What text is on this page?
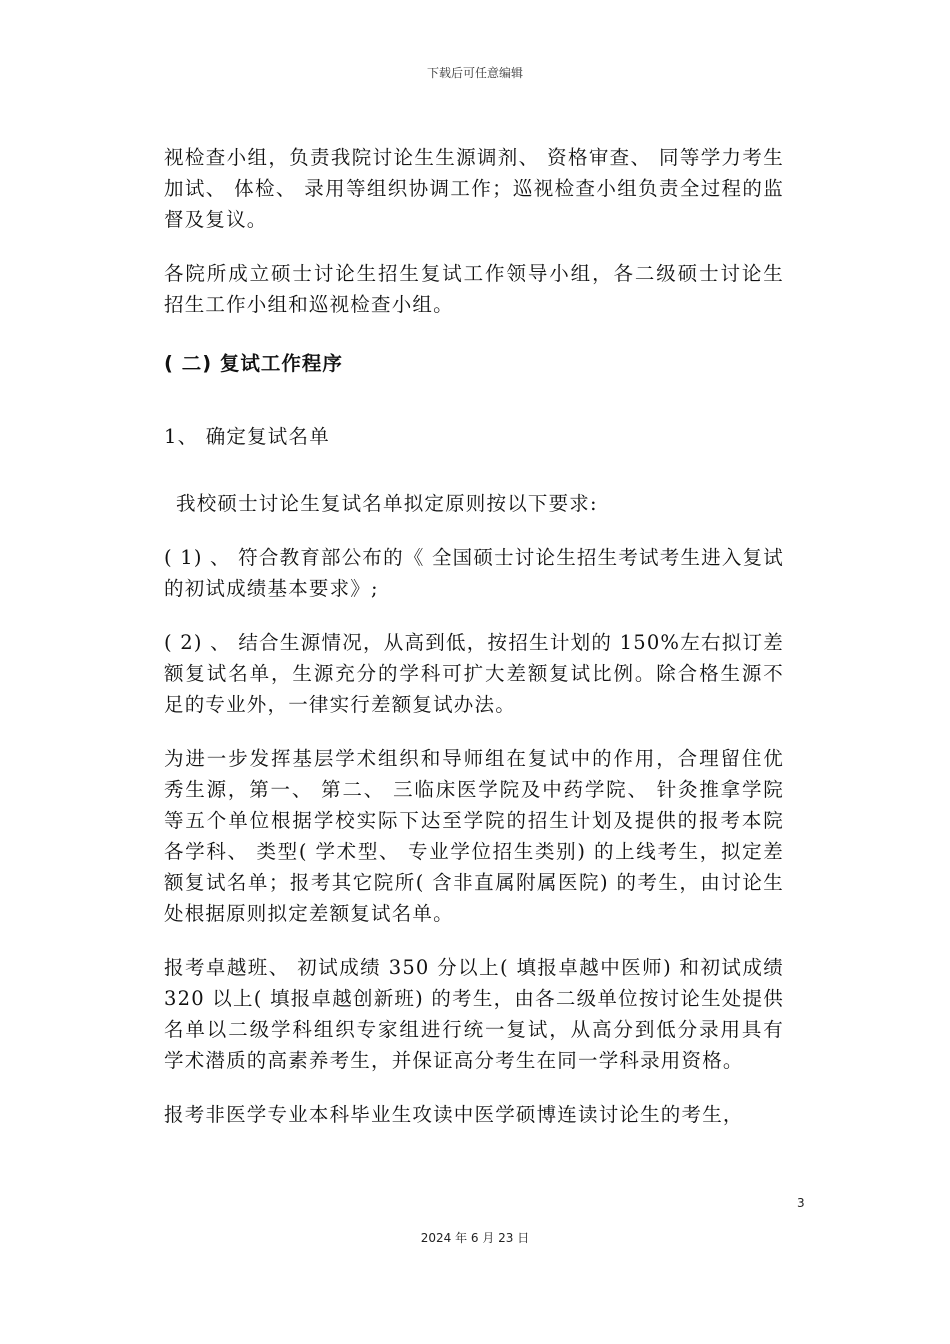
下载后可任意编辑

视检查小组，负责我院讨论生生源调剂、 资格审查、 同等学力考生加试、 体检、 录用等组织协调工作；巡视检查小组负责全过程的监督及复议。

各院所成立硕士讨论生招生复试工作领导小组，各二级硕士讨论生招生工作小组和巡视检查小组。

( 二) 复试工作程序
1、 确定复试名单

我校硕士讨论生复试名单拟定原则按以下要求:

( 1) 、 符合教育部公布的《 全国硕士讨论生招生考试考生进入复试的初试成绩基本要求》;

( 2) 、 结合生源情况，从高到低，按招生计划的 150%左右拟订差额复试名单，生源充分的学科可扩大差额复试比例。除合格生源不足的专业外，一律实行差额复试办法。

为进一步发挥基层学术组织和导师组在复试中的作用，合理留住优秀生源，第一、 第二、 三临床医学院及中药学院、 针灸推拿学院等五个单位根据学校实际下达至学院的招生计划及提供的报考本院各学科、 类型( 学术型、 专业学位招生类别) 的上线考生，拟定差额复试名单；报考其它院所( 含非直属附属医院) 的考生，由讨论生处根据原则拟定差额复试名单。

报考卓越班、 初试成绩 350 分以上( 填报卓越中医师) 和初试成绩 320 以上( 填报卓越创新班) 的考生，由各二级单位按讨论生处提供名单以二级学科组织专家组进行统一复试，从高分到低分录用具有学术潜质的高素养考生，并保证高分考生在同一学科录用资格。

报考非医学专业本科毕业生攻读中医学硕博连读讨论生的考生，

3
2024 年 6 月 23 日
